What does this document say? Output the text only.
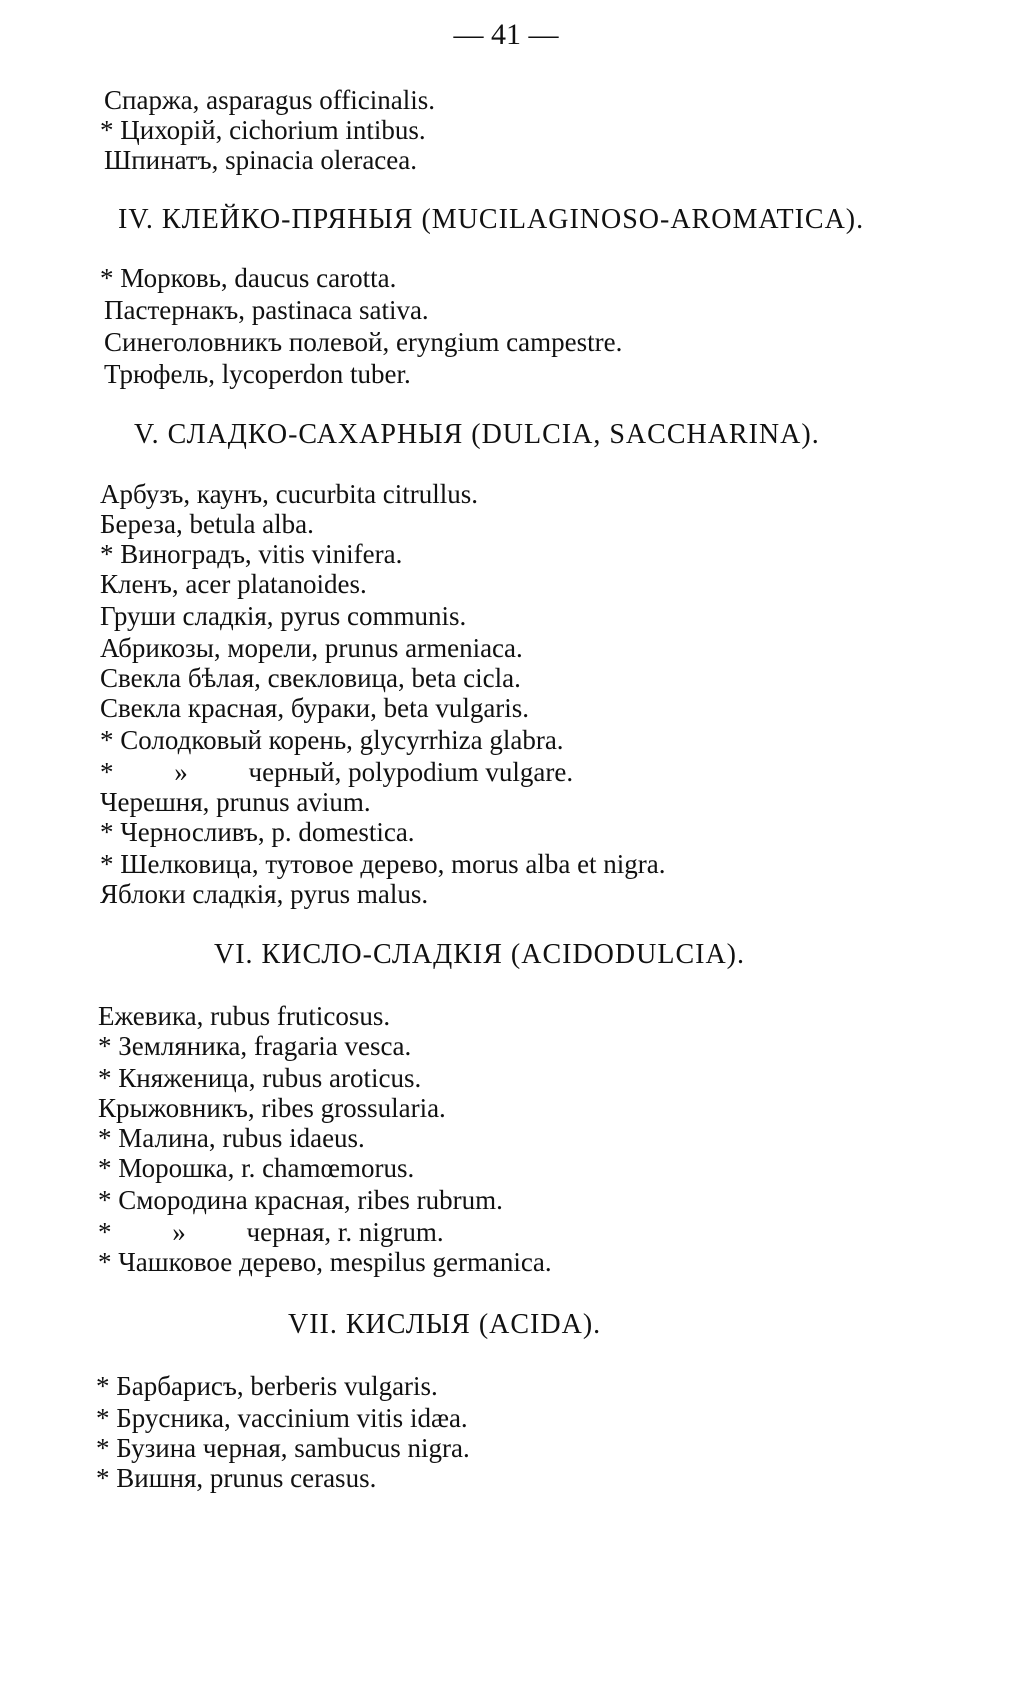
— 41 —
Спаржа, asparagus officinalis.
* Цихорій, cichorium intibus.
Шпинатъ, spinacia oleracea.
IV. КЛЕЙКО-ПРЯНЫЯ (MUCILAGINOSO-AROMATICA).
* Морковь, daucus carotta.
Пастернакъ, pastinaca sativa.
Синеголовникъ полевой, eryngium campestre.
Трюфель, lycoperdon tuber.
V. СЛАДКО-САХАРНЫЯ (DULCIA, SACCHARINA).
Арбузъ, каунъ, cucurbita citrullus.
Береза, betula alba.
* Виноградъ, vitis vinifera.
Кленъ, acer platanoides.
Груши сладкія, pyrus communis.
Абрикозы, морели, prunus armeniaca.
Свекла бѣлая, свекловица, beta cicla.
Свекла красная, бураки, beta vulgaris.
* Солодковый корень, glycyrrhiza glabra.
*         »         черный, polypodium vulgare.
Черешня, prunus avium.
* Черносливъ, p. domestica.
* Шелковица, тутовое дерево, morus alba et nigra.
Яблоки сладкія, pyrus malus.
VI. КИСЛО-СЛАДКІЯ (ACIDODULCIA).
Ежевика, rubus fruticosus.
* Земляника, fragaria vesca.
* Княженица, rubus aroticus.
Крыжовникъ, ribes grossularia.
* Малина, rubus idaeus.
* Морошка, r. chamœmorus.
* Смородина красная, ribes rubrum.
*         »         черная, r. nigrum.
* Чашковое дерево, mespilus germanica.
VII. КИСЛЫЯ (ACIDA).
* Барбарисъ, berberis vulgaris.
* Брусника, vaccinium vitis idæa.
* Бузина черная, sambucus nigra.
* Вишня, prunus cerasus.
